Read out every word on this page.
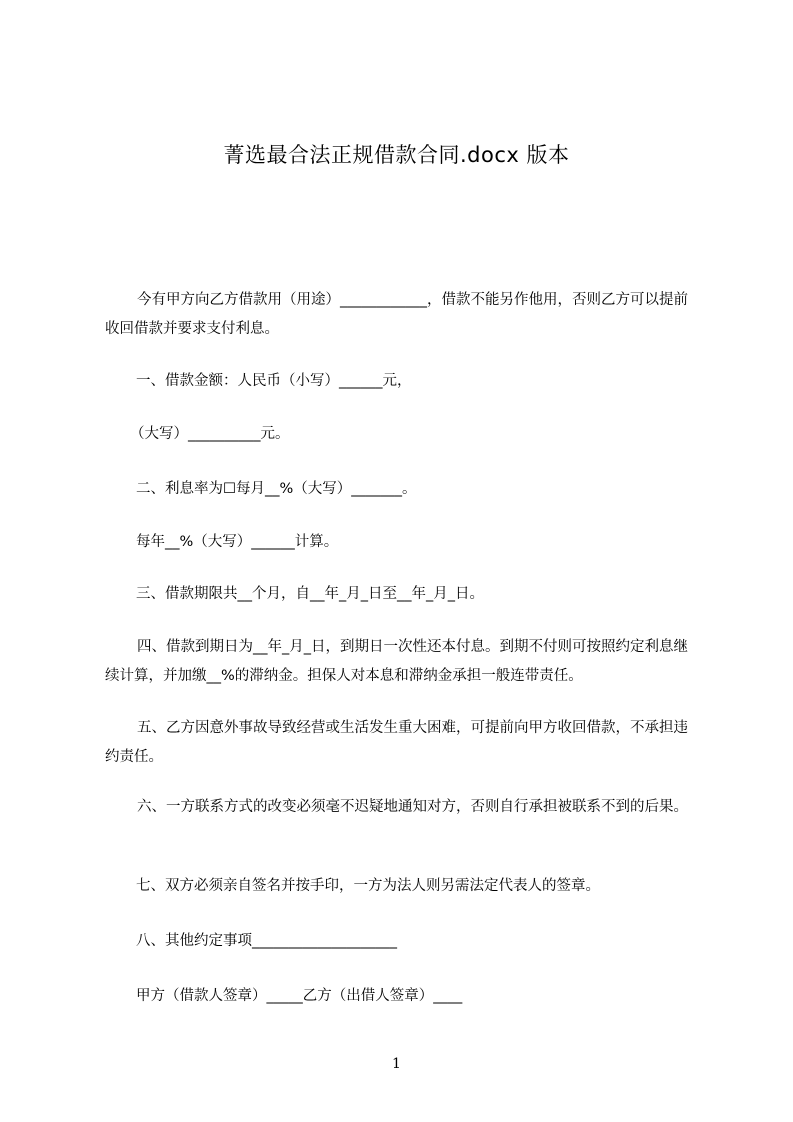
菁选最合法正规借款合同.docx 版本

今有甲方向乙方借款用（用途）____________，借款不能另作他用，否则乙方可以提前收回借款并要求支付利息。

一、借款金额：人民币（小写）______元，
（大写）__________元。
二、利息率为☐每月__%（大写）_______。
每年__%（大写）______计算。
三、借款期限共__个月，自__年_月_日至__年_月_日。

四、借款到期日为__年_月_日，到期日一次性还本付息。到期不付则可按照约定利息继续计算，并加缴__%的滞纳金。担保人对本息和滞纳金承担一般连带责任。

五、乙方因意外事故导致经营或生活发生重大困难，可提前向甲方收回借款，不承担违约责任。

六、一方联系方式的改变必须毫不迟疑地通知对方，否则自行承担被联系不到的后果。

七、双方必须亲自签名并按手印，一方为法人则另需法定代表人的签章。
八、其他约定事项____________________
甲方（借款人签章）_____乙方（出借人签章）____
1
